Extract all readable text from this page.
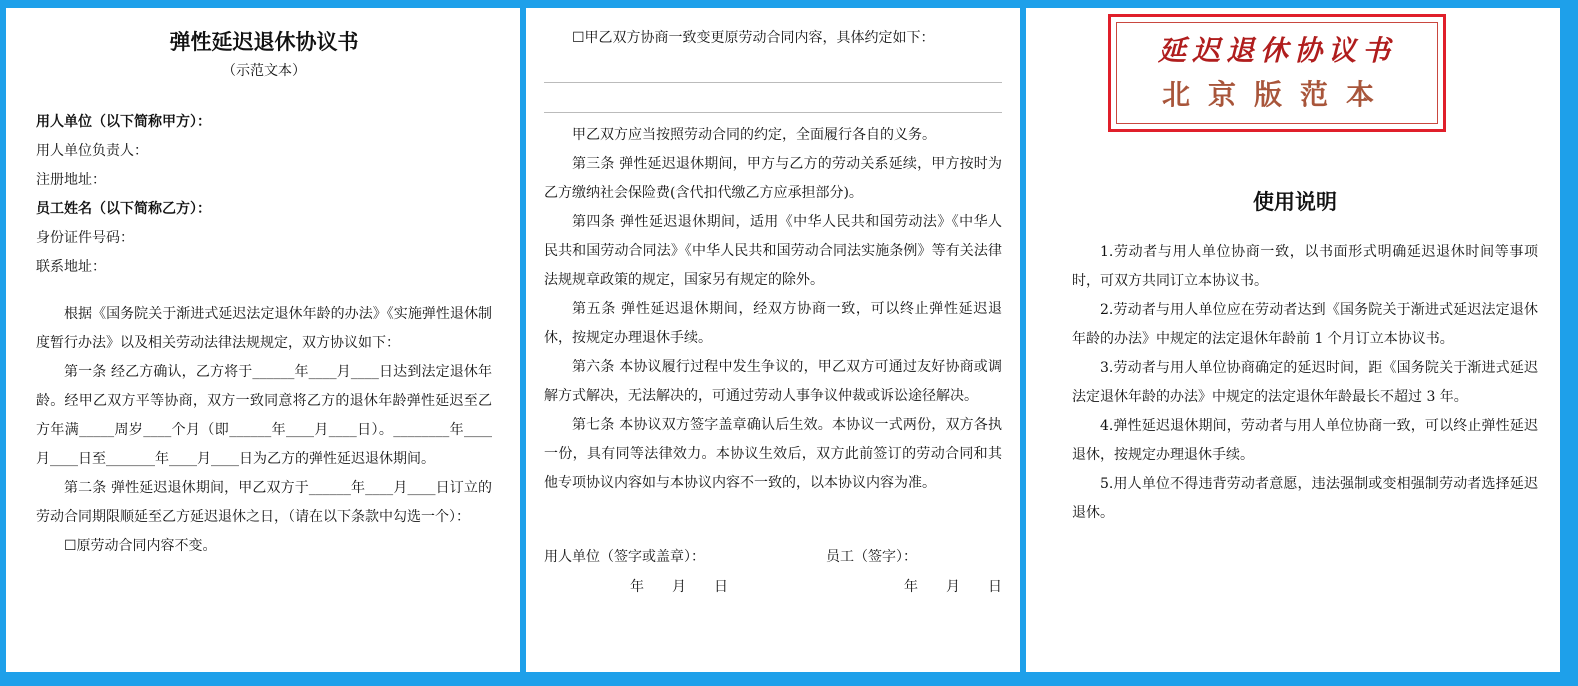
弹性延迟退休协议书

（示范文本）

用人单位（以下简称甲方）：

用人单位负责人：

注册地址：

员工姓名（以下简称乙方）：

身份证件号码：

联系地址：

根据《国务院关于渐进式延迟法定退休年龄的办法》《实施弹性退休制度暂行办法》以及相关劳动法律法规规定，双方协议如下：

第一条 经乙方确认，乙方将于______年____月____日达到法定退休年龄。经甲乙双方平等协商，双方一致同意将乙方的退休年龄弹性延迟至乙方年满_____周岁____个月（即______年____月____日）。________年____月____日至_______年____月____日为乙方的弹性延迟退休期间。

第二条 弹性延迟退休期间，甲乙双方于______年____月____日订立的劳动合同期限顺延至乙方延迟退休之日，（请在以下条款中勾选一个）：

☐原劳动合同内容不变。

☐甲乙双方协商一致变更原劳动合同内容，具体约定如下：

甲乙双方应当按照劳动合同的约定，全面履行各自的义务。

第三条 弹性延迟退休期间，甲方与乙方的劳动关系延续，甲方按时为乙方缴纳社会保险费(含代扣代缴乙方应承担部分)。

第四条 弹性延迟退休期间，适用《中华人民共和国劳动法》《中华人民共和国劳动合同法》《中华人民共和国劳动合同法实施条例》等有关法律法规规章政策的规定，国家另有规定的除外。

第五条 弹性延迟退休期间，经双方协商一致，可以终止弹性延迟退休，按规定办理退休手续。

第六条 本协议履行过程中发生争议的，甲乙双方可通过友好协商或调解方式解决，无法解决的，可通过劳动人事争议仲裁或诉讼途径解决。

第七条 本协议双方签字盖章确认后生效。本协议一式两份，双方各执一份，具有同等法律效力。本协议生效后，双方此前签订的劳动合同和其他专项协议内容如与本协议内容不一致的，以本协议内容为准。

用人单位（签字或盖章）：	员工（签字）：
年　　月　　日	年　　月　　日
延迟退休协议书
北京版范本
使用说明

1.劳动者与用人单位协商一致，以书面形式明确延迟退休时间等事项时，可双方共同订立本协议书。

2.劳动者与用人单位应在劳动者达到《国务院关于渐进式延迟法定退休年龄的办法》中规定的法定退休年龄前 1 个月订立本协议书。

3.劳动者与用人单位协商确定的延迟时间，距《国务院关于渐进式延迟法定退休年龄的办法》中规定的法定退休年龄最长不超过 3 年。

4.弹性延迟退休期间，劳动者与用人单位协商一致，可以终止弹性延迟退休，按规定办理退休手续。

5.用人单位不得违背劳动者意愿，违法强制或变相强制劳动者选择延迟退休。
